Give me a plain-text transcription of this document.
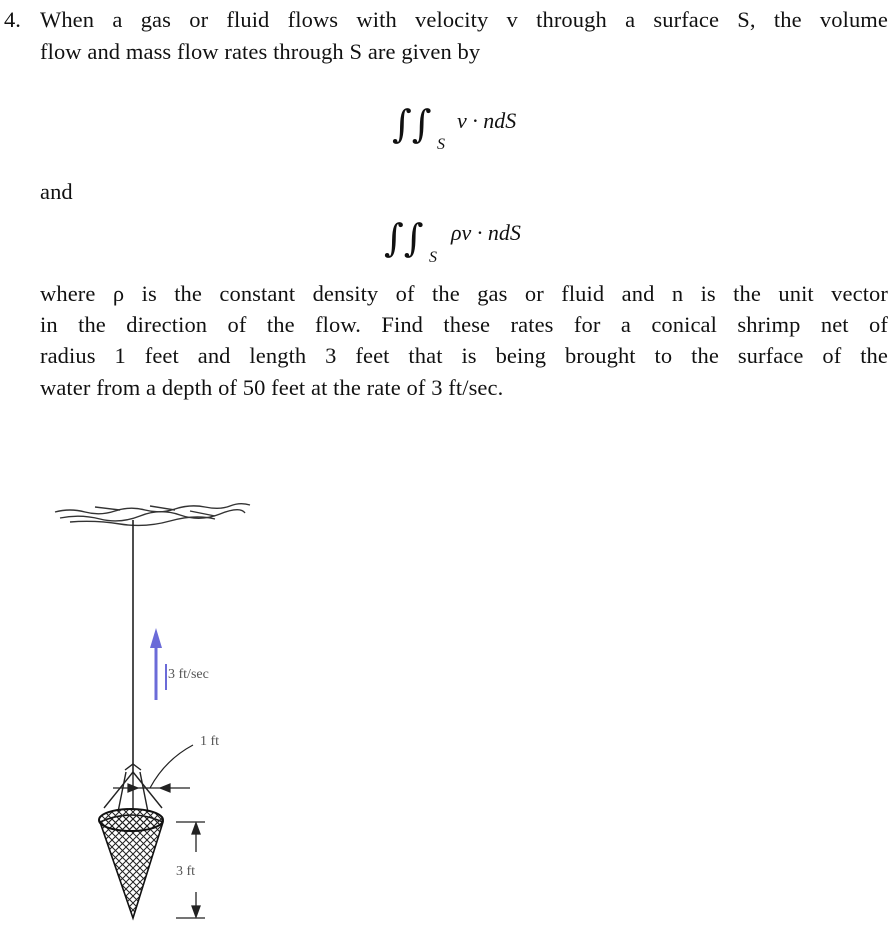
4. When a gas or fluid flows with velocity v through a surface S, the volume
flow and mass flow rates through S are given by
∫∫ S
v · ndS
and
∫∫ S
ρv · ndS
where ρ is the constant density of the gas or fluid and n is the unit vector
in the direction of the flow. Find these rates for a conical shrimp net of
radius 1 feet and length 3 feet that is being brought to the surface of the
water from a depth of 50 feet at the rate of 3 ft/sec.
3 ft/sec
1 ft
3 ft
